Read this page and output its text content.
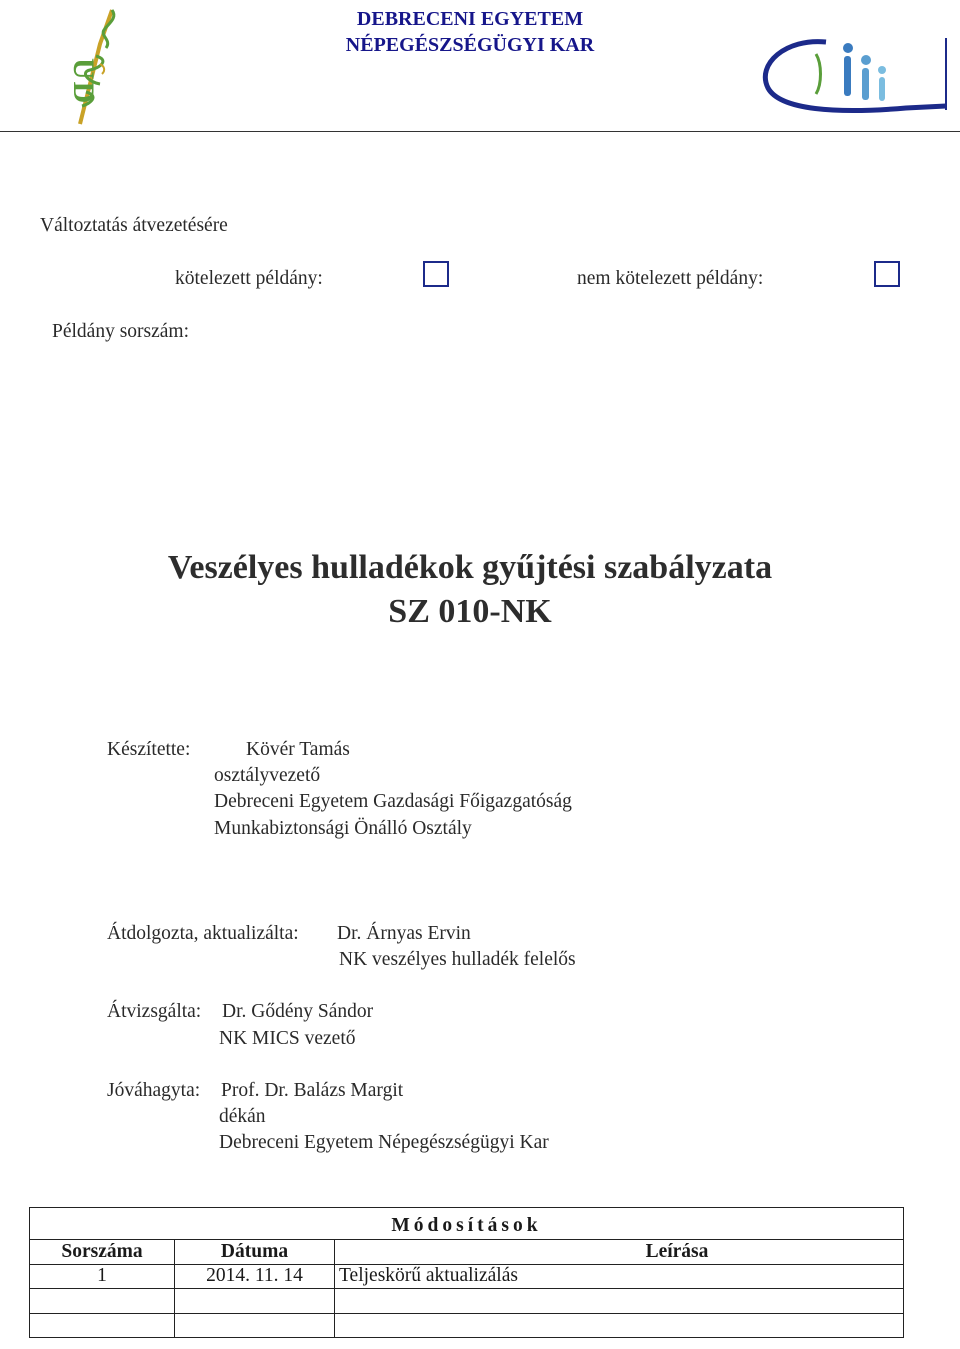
UD
DEBRECENI EGYETEM
NÉPEGÉSZSÉGÜGYI KAR
Változtatás átvezetésére
kötelezett példány:	nem kötelezett példány:
Példány sorszám:
Veszélyes hulladékok gyűjtési szabályzata
SZ 010-NK
Készítette:	Kövér Tamás
osztályvezető
Debreceni Egyetem Gazdasági Főigazgatóság
Munkabiztonsági Önálló Osztály
Átdolgozta, aktualizálta: Dr. Árnyas Ervin
NK veszélyes hulladék felelős
Átvizsgálta: Dr. Gődény Sándor
NK MICS vezető
Jóváhagyta: Prof. Dr. Balázs Margit
dékán
Debreceni Egyetem Népegészségügyi Kar
Módosítások		
Sorszáma	Dátuma	Leírása
1	2014. 11. 14	Teljeskörű aktualizálás
